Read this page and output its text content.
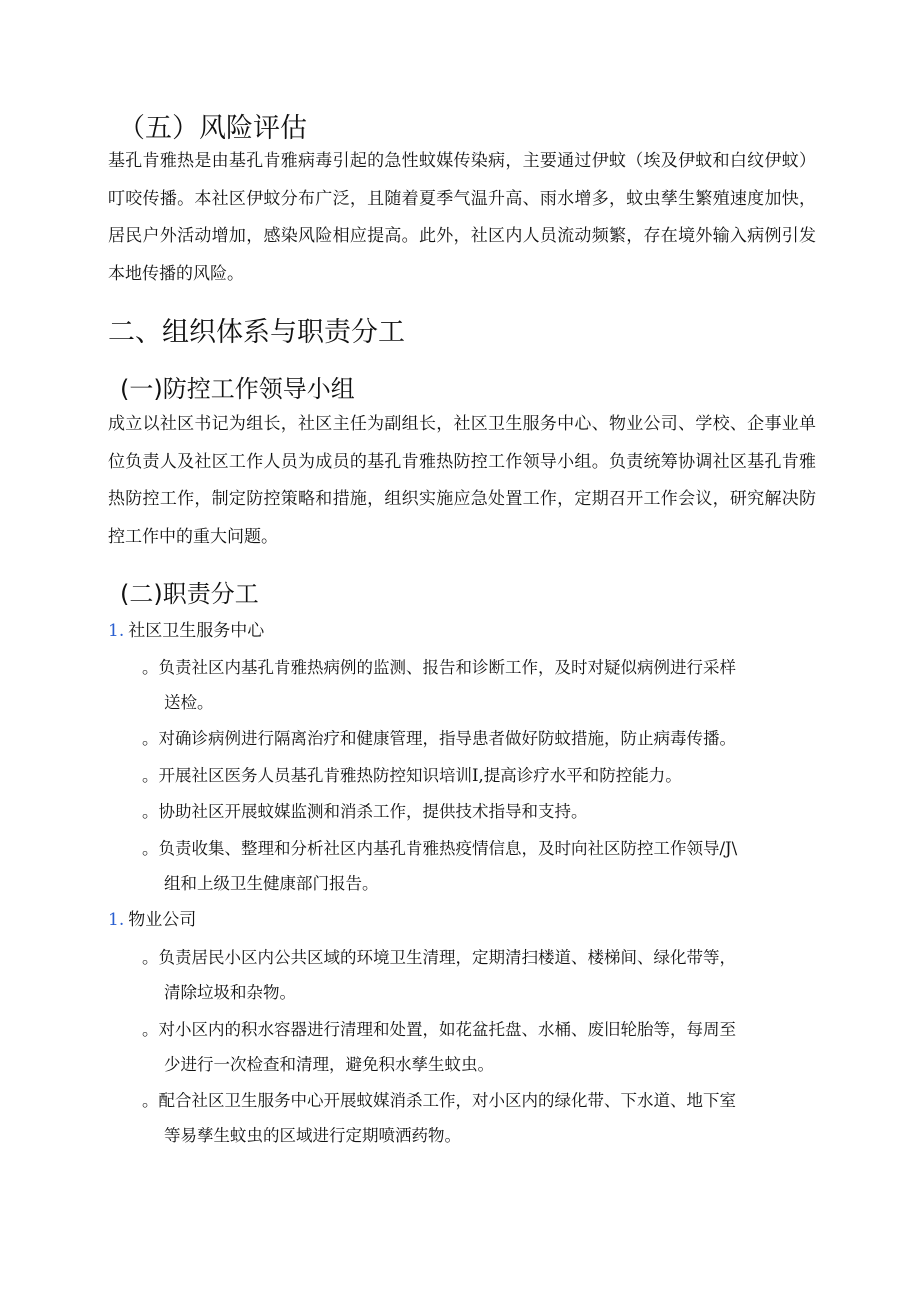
（五）风险评估

基孔肯雅热是由基孔肯雅病毒引起的急性蚊媒传染病，主要通过伊蚊（埃及伊蚊和白纹伊蚊）叮咬传播。本社区伊蚊分布广泛，且随着夏季气温升高、雨水增多，蚊虫孳生繁殖速度加快，居民户外活动增加，感染风险相应提高。此外，社区内人员流动频繁，存在境外输入病例引发本地传播的风险。

二、组织体系与职责分工
(一)防控工作领导小组

成立以社区书记为组长，社区主任为副组长，社区卫生服务中心、物业公司、学校、企事业单位负责人及社区工作人员为成员的基孔肯雅热防控工作领导小组。负责统筹协调社区基孔肯雅热防控工作，制定防控策略和措施，组织实施应急处置工作，定期召开工作会议，研究解决防控工作中的重大问题。

(二)职责分工
1. 社区卫生服务中心

。负责社区内基孔肯雅热病例的监测、报告和诊断工作，及时对疑似病例进行采样
送检。

。对确诊病例进行隔离治疗和健康管理，指导患者做好防蚊措施，防止病毒传播。

。开展社区医务人员基孔肯雅热防控知识培训I,提高诊疗水平和防控能力。

。协助社区开展蚊媒监测和消杀工作，提供技术指导和支持。

。负责收集、整理和分析社区内基孔肯雅热疫情信息，及时向社区防控工作领导/J\
组和上级卫生健康部门报告。

1. 物业公司

。负责居民小区内公共区域的环境卫生清理，定期清扫楼道、楼梯间、绿化带等，
清除垃圾和杂物。

。对小区内的积水容器进行清理和处置，如花盆托盘、水桶、废旧轮胎等，每周至
少进行一次检查和清理，避免积水孳生蚊虫。

。配合社区卫生服务中心开展蚊媒消杀工作，对小区内的绿化带、下水道、地下室
等易孳生蚊虫的区域进行定期喷洒药物。
